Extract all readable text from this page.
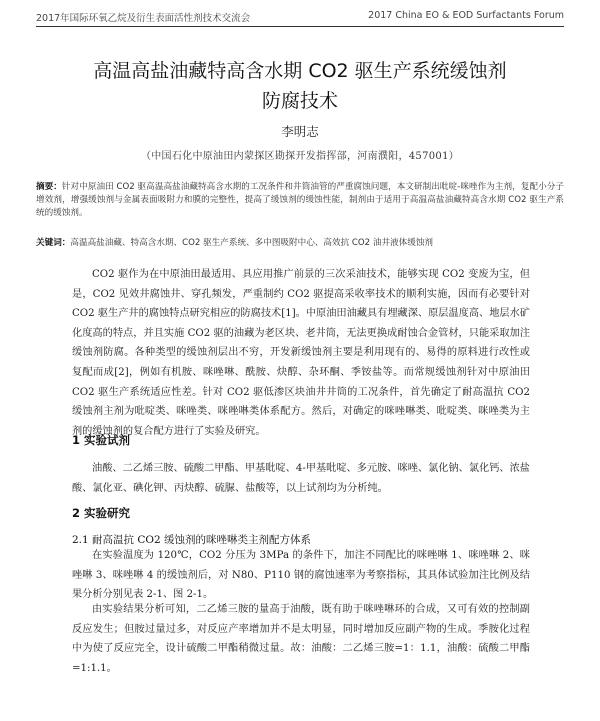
2017年国际环氧乙烷及衍生表面活性剂技术交流会	2017 China EO & EOD Surfactants Forum
高温高盐油藏特高含水期 CO2 驱生产系统缓蚀剂
防腐技术
李明志
（中国石化中原油田内蒙探区勘探开发指挥部，河南濮阳，457001）
摘要：针对中原油田 CO2 驱高温高盐油藏特高含水期的工况条件和井筒油管的严重腐蚀问题，本文研制出吡啶-咪唑作为主剂，复配小分子增效剂，增强缓蚀剂与金属表面吸附力和膜的完整性，提高了缓蚀剂的缓蚀性能，制剂由于适用于高温高盐油藏特高含水期 CO2 驱生产系统的缓蚀剂。
关键词：高温高盐油藏、特高含水期、CO2 驱生产系统、多中图吸附中心、高效抗 CO2 油井液体缓蚀剂
CO2 驱作为在中原油田最适用、具应用推广前景的三次采油技术，能够实现 CO2 变废为宝，但是，CO2 见效井腐蚀井、穿孔频发，严重制约 CO2 驱提高采收率技术的顺利实施，因而有必要针对 CO2 驱生产井的腐蚀特点研究相应的防腐技术[1]。中原油田油藏具有埋藏深、原层温度高、地层水矿化度高的特点，并且实施 CO2 驱的油藏为老区块、老井筒，无法更换成耐蚀合金管材，只能采取加注缓蚀剂防腐。各种类型的缓蚀剂层出不穷，开发新缓蚀剂主要是利用现有的、易得的原料进行改性或复配而成[2]，例如有机胺、咪唑啉、酰胺、炔醇、杂环酮、季铵盐等。而常规缓蚀剂针对中原油田 CO2 驱生产系统适应性差。针对 CO2 驱低渗区块油井井筒的工况条件，首先确定了耐高温抗 CO2 缓蚀剂主剂为吡啶类、咪唑类、咪唑啉类体系配方。然后，对确定的咪唑啉类、吡啶类、咪唑类为主剂的缓蚀剂的复合配方进行了实验及研究。
1 实验试剂
油酸、二乙烯三胺、硫酸二甲酯、甲基吡啶、4-甲基吡啶、多元胺、咪唑、氯化钠、氯化钙、浓盐酸、氯化亚、碘化钾、丙炔醇、硫脲、盐酸等，以上试剂均为分析纯。
2 实验研究
2.1 耐高温抗 CO2 缓蚀剂的咪唑啉类主剂配方体系
在实验温度为 120℃，CO2 分压为 3MPa 的条件下，加注不同配比的咪唑啉 1、咪唑啉 2、咪唑啉 3、咪唑啉 4 的缓蚀剂后，对 N80、P110 钢的腐蚀速率为考察指标，其具体试验加注比例及结果分析分别见表 2-1、图 2-1。
由实验结果分析可知，二乙烯三胺的量高于油酸，既有助于咪唑啉环的合成，又可有效的控制副反应发生；但胺过量过多，对反应产率增加并不是太明显，同时增加反应副产物的生成。季胺化过程中为使了反应完全，设计硫酸二甲酯稍微过量。故：油酸：二乙烯三胺=1：1.1，油酸：硫酸二甲酯=1:1.1。
